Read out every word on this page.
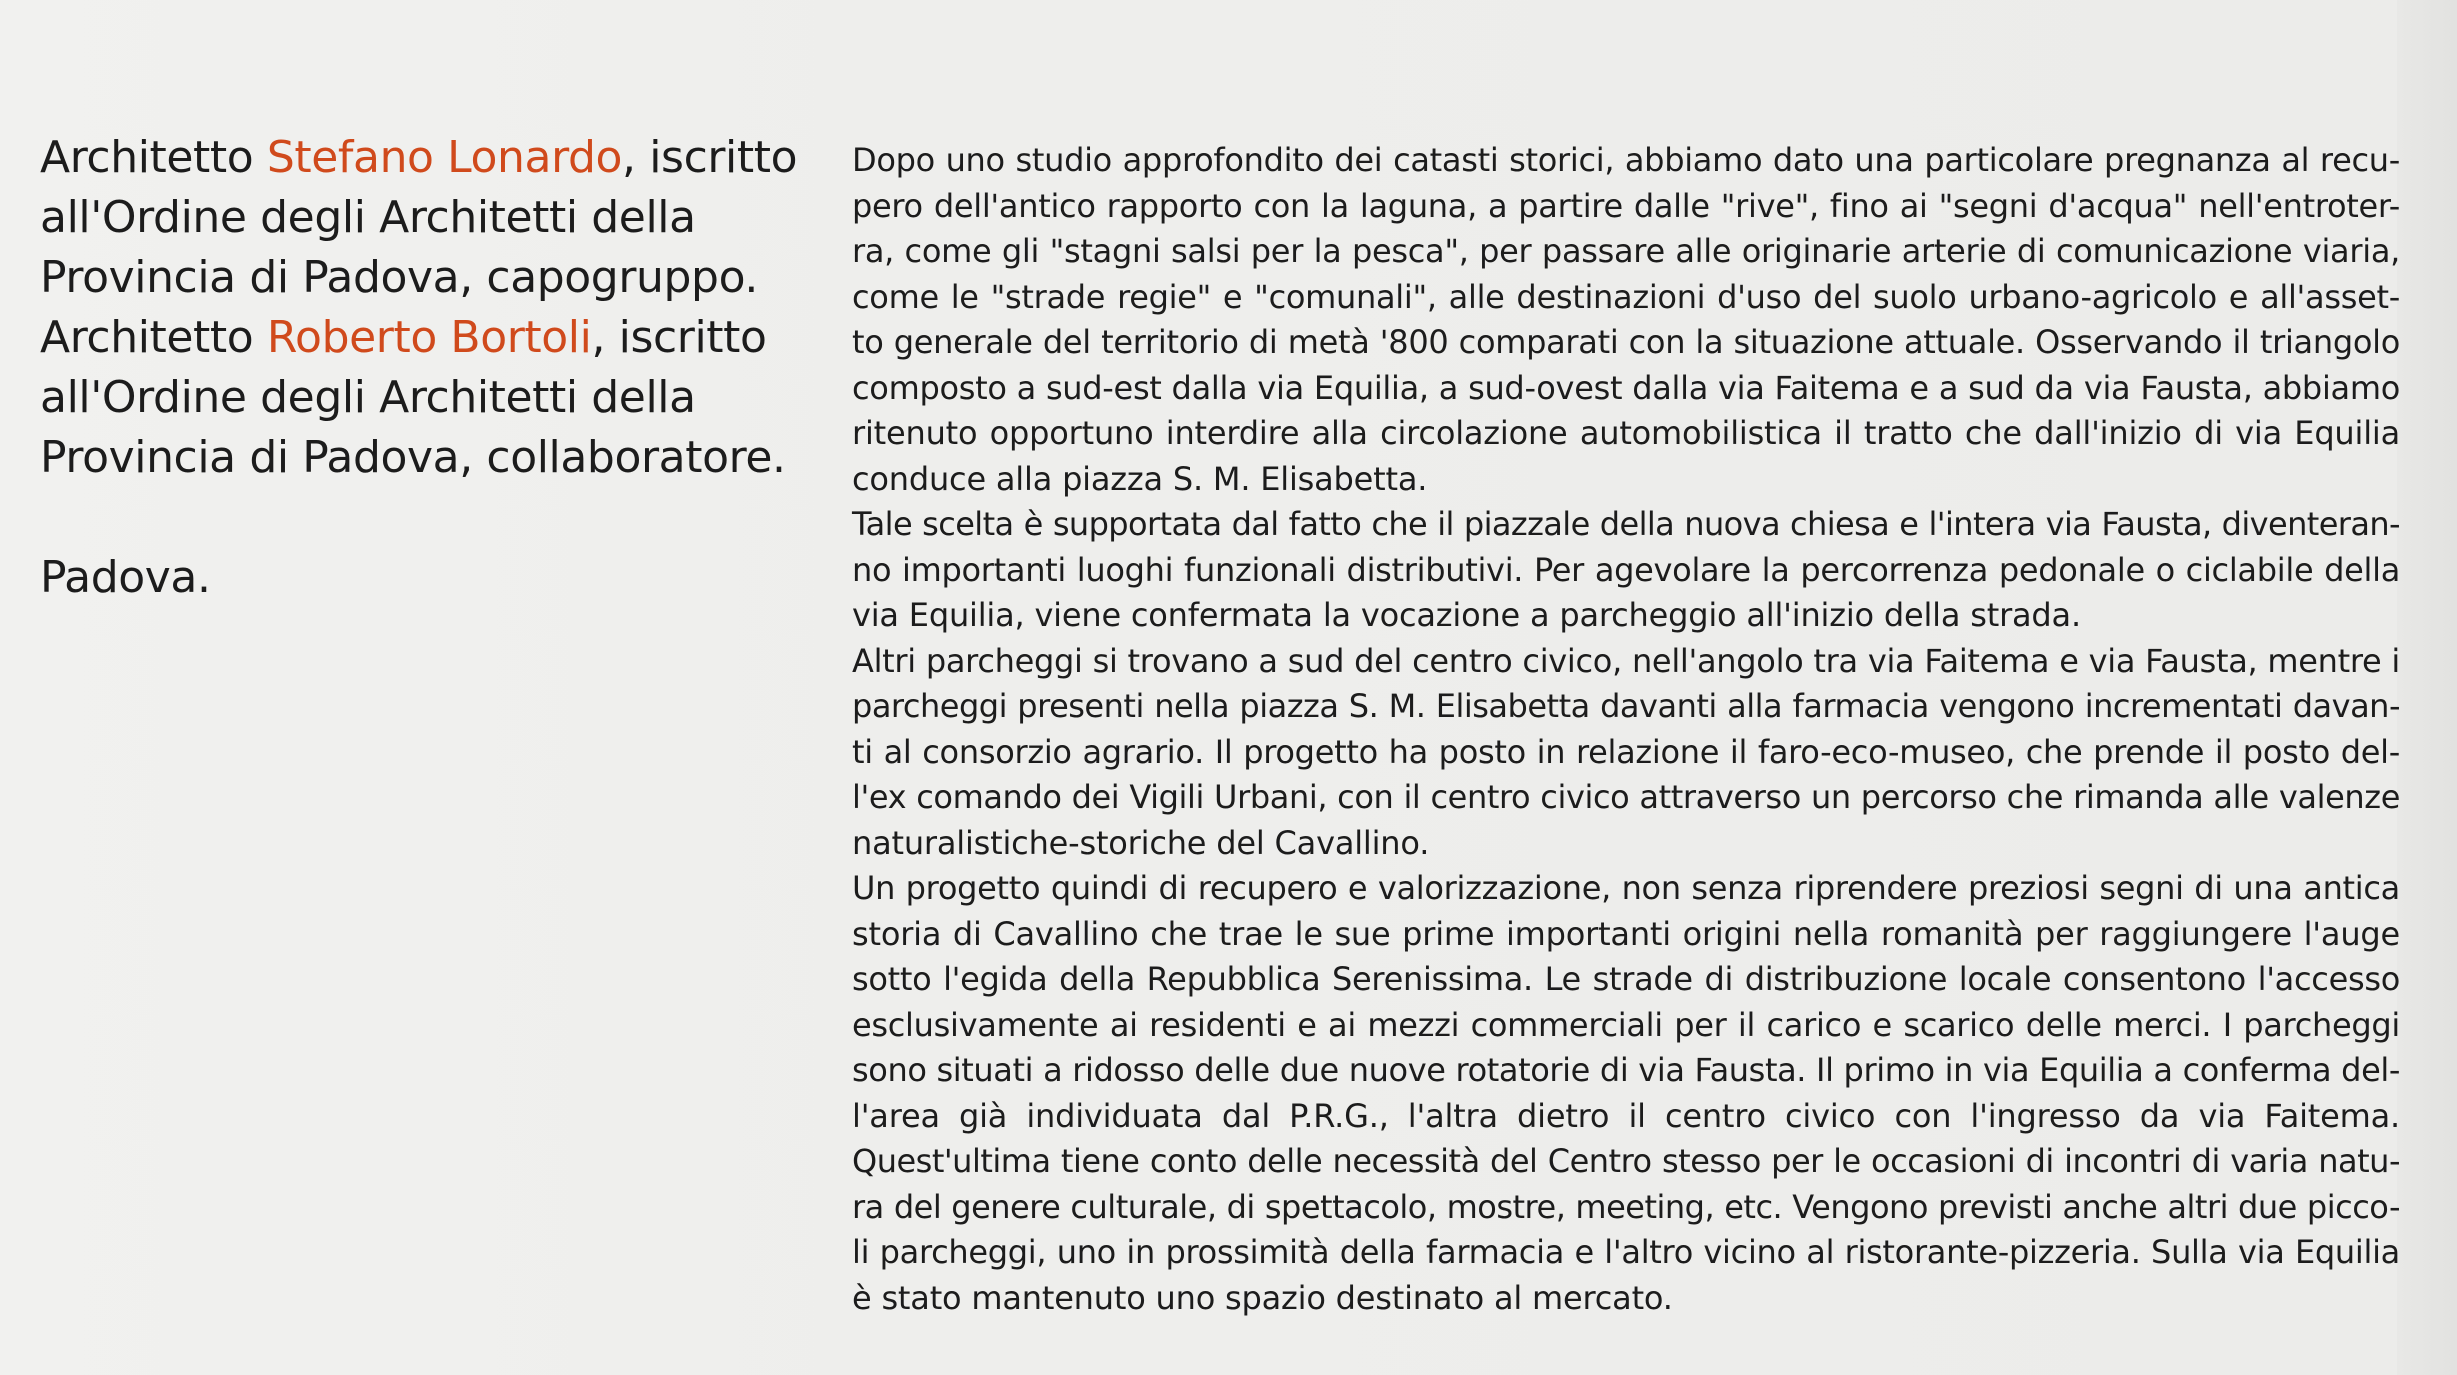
Architetto Stefano Lonardo, iscritto
all'Ordine degli Architetti della
Provincia di Padova, capogruppo.
Architetto Roberto Bortoli, iscritto
all'Ordine degli Architetti della
Provincia di Padova, collaboratore.
Padova.
Dopo uno studio approfondito dei catasti storici, abbiamo dato una particolare pregnanza al recu-
pero dell'antico rapporto con la laguna, a partire dalle "rive", fino ai "segni d'acqua" nell'entroter-
ra, come gli "stagni salsi per la pesca", per passare alle originarie arterie di comunicazione viaria,
come le "strade regie" e "comunali", alle destinazioni d'uso del suolo urbano-agricolo e all'asset-
to generale del territorio di metà '800 comparati con la situazione attuale. Osservando il triangolo
composto a sud-est dalla via Equilia, a sud-ovest dalla via Faitema e a sud da via Fausta, abbiamo
ritenuto opportuno interdire alla circolazione automobilistica il tratto che dall'inizio di via Equilia
conduce alla piazza S. M. Elisabetta.
Tale scelta è supportata dal fatto che il piazzale della nuova chiesa e l'intera via Fausta, diventeran-
no importanti luoghi funzionali distributivi. Per agevolare la percorrenza pedonale o ciclabile della
via Equilia, viene confermata la vocazione a parcheggio all'inizio della strada.
Altri parcheggi si trovano a sud del centro civico, nell'angolo tra via Faitema e via Fausta, mentre i
parcheggi presenti nella piazza S. M. Elisabetta davanti alla farmacia vengono incrementati davan-
ti al consorzio agrario. Il progetto ha posto in relazione il faro-eco-museo, che prende il posto del-
l'ex comando dei Vigili Urbani, con il centro civico attraverso un percorso che rimanda alle valenze
naturalistiche-storiche del Cavallino.
Un progetto quindi di recupero e valorizzazione, non senza riprendere preziosi segni di una antica
storia di Cavallino che trae le sue prime importanti origini nella romanità per raggiungere l'auge
sotto l'egida della Repubblica Serenissima. Le strade di distribuzione locale consentono l'accesso
esclusivamente ai residenti e ai mezzi commerciali per il carico e scarico delle merci. I parcheggi
sono situati a ridosso delle due nuove rotatorie di via Fausta. Il primo in via Equilia a conferma del-
l'area già individuata dal P.R.G., l'altra dietro il centro civico con l'ingresso da via Faitema.
Quest'ultima tiene conto delle necessità del Centro stesso per le occasioni di incontri di varia natu-
ra del genere culturale, di spettacolo, mostre, meeting, etc. Vengono previsti anche altri due picco-
li parcheggi, uno in prossimità della farmacia e l'altro vicino al ristorante-pizzeria. Sulla via Equilia
è stato mantenuto uno spazio destinato al mercato.
